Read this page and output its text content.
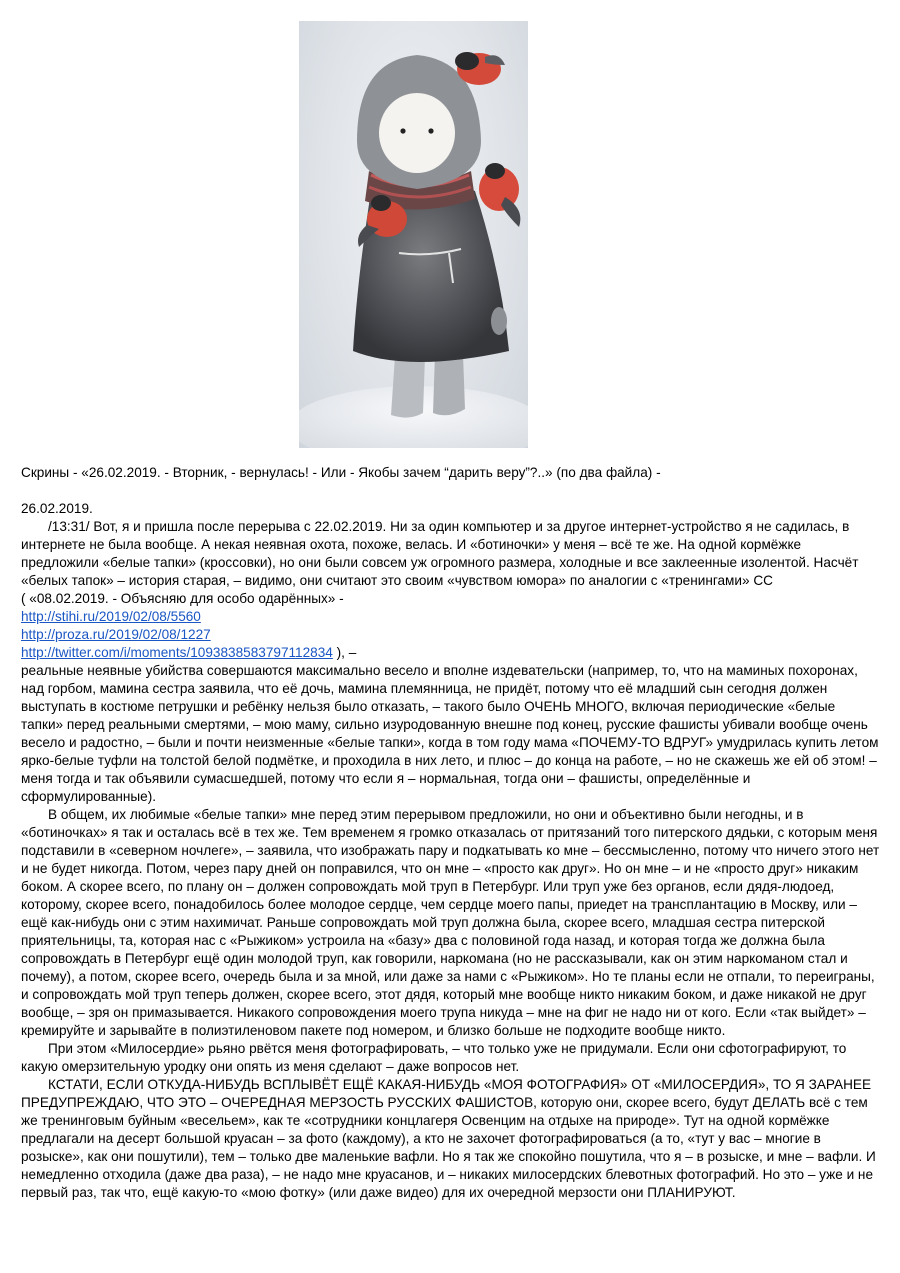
Скрины - «26.02.2019. - Вторник, - вернулась! - Или - Якобы зачем “дарить веру”?..» (по два файла) -

26.02.2019.

/13:31/ Вот, я и пришла после перерыва с 22.02.2019. Ни за один компьютер и за другое интернет-устройство я не садилась, в интернете не была вообще. А некая неявная охота, похоже, велась. И «ботиночки» у меня – всё те же. На одной кормёжке предложили «белые тапки» (кроссовки), но они были совсем уж огромного размера, холодные и все заклеенные изолентой. Насчёт «белых тапок» – история старая, – видимо, они считают это своим «чувством юмора» по аналогии с «тренингами» СС

( «08.02.2019. - Объясняю для особо одарённых» -

http://stihi.ru/2019/02/08/5560

http://proza.ru/2019/02/08/1227

http://twitter.com/i/moments/1093838583797112834 ), –

реальные неявные убийства совершаются максимально весело и вполне издевательски (например, то, что на маминых похоронах, над горбом, мамина сестра заявила, что её дочь, мамина племянница, не придёт, потому что её младший сын сегодня должен выступать в костюме петрушки и ребёнку нельзя было отказать, – такого было ОЧЕНЬ МНОГО, включая периодические «белые тапки» перед реальными смертями, – мою маму, сильно изуродованную внешне под конец, русские фашисты убивали вообще очень весело и радостно, – были и почти неизменные «белые тапки», когда в том году мама «ПОЧЕМУ-ТО ВДРУГ» умудрилась купить летом ярко-белые туфли на толстой белой подмётке, и проходила в них лето, и плюс – до конца на работе, – но не скажешь же ей об этом! – меня тогда и так объявили сумасшедшей, потому что если я – нормальная, тогда они – фашисты, определённые и сформулированные).

В общем, их любимые «белые тапки» мне перед этим перерывом предложили, но они и объективно были негодны, и в «ботиночках» я так и осталась всё в тех же. Тем временем я громко отказалась от притязаний того питерского дядьки, с которым меня подставили в «северном ночлеге», – заявила, что изображать пару и подкатывать ко мне – бессмысленно, потому что ничего этого нет и не будет никогда. Потом, через пару дней он поправился, что он мне – «просто как друг». Но он мне – и не «просто друг» никаким боком. А скорее всего, по плану он – должен сопровождать мой труп в Петербург. Или труп уже без органов, если дядя-людоед, которому, скорее всего, понадобилось более молодое сердце, чем сердце моего папы, приедет на трансплантацию в Москву, или – ещё как-нибудь они с этим нахимичат. Раньше сопровождать мой труп должна была, скорее всего, младшая сестра питерской приятельницы, та, которая нас с «Рыжиком» устроила на «базу» два с половиной года назад, и которая тогда же должна была сопровождать в Петербург ещё один молодой труп, как говорили, наркомана (но не рассказывали, как он этим наркоманом стал и почему), а потом, скорее всего, очередь была и за мной, или даже за нами с «Рыжиком». Но те планы если не отпали, то переиграны, и сопровождать мой труп теперь должен, скорее всего, этот дядя, который мне вообще никто никаким боком, и даже никакой не друг вообще, – зря он примазывается. Никакого сопровождения моего трупа никуда – мне на фиг не надо ни от кого. Если «так выйдет» – кремируйте и зарывайте в полиэтиленовом пакете под номером, и близко больше не подходите вообще никто.

При этом «Милосердие» рьяно рвётся меня фотографировать, – что только уже не придумали. Если они сфотографируют, то какую омерзительную уродку они опять из меня сделают – даже вопросов нет.

КСТАТИ, ЕСЛИ ОТКУДА-НИБУДЬ ВСПЛЫВЁТ ЕЩЁ КАКАЯ-НИБУДЬ «МОЯ ФОТОГРАФИЯ» ОТ «МИЛОСЕРДИЯ», ТО Я ЗАРАНЕЕ ПРЕДУПРЕЖДАЮ, ЧТО ЭТО – ОЧЕРЕДНАЯ МЕРЗОСТЬ РУССКИХ ФАШИСТОВ, которую они, скорее всего, будут ДЕЛАТЬ всё с тем же тренинговым буйным «весельем», как те «сотрудники концлагеря Освенцим на отдыхе на природе». Тут на одной кормёжке предлагали на десерт большой круасан – за фото (каждому), а кто не захочет фотографироваться (а то, «тут у вас – многие в розыске», как они пошутили), тем – только две маленькие вафли. Но я так же спокойно пошутила, что я – в розыске, и мне – вафли. И немедленно отходила (даже два раза), – не надо мне круасанов, и – никаких милосердских блевотных фотографий. Но это – уже и не первый раз, так что, ещё какую-то «мою фотку» (или даже видео) для их очередной мерзости они ПЛАНИРУЮТ.
